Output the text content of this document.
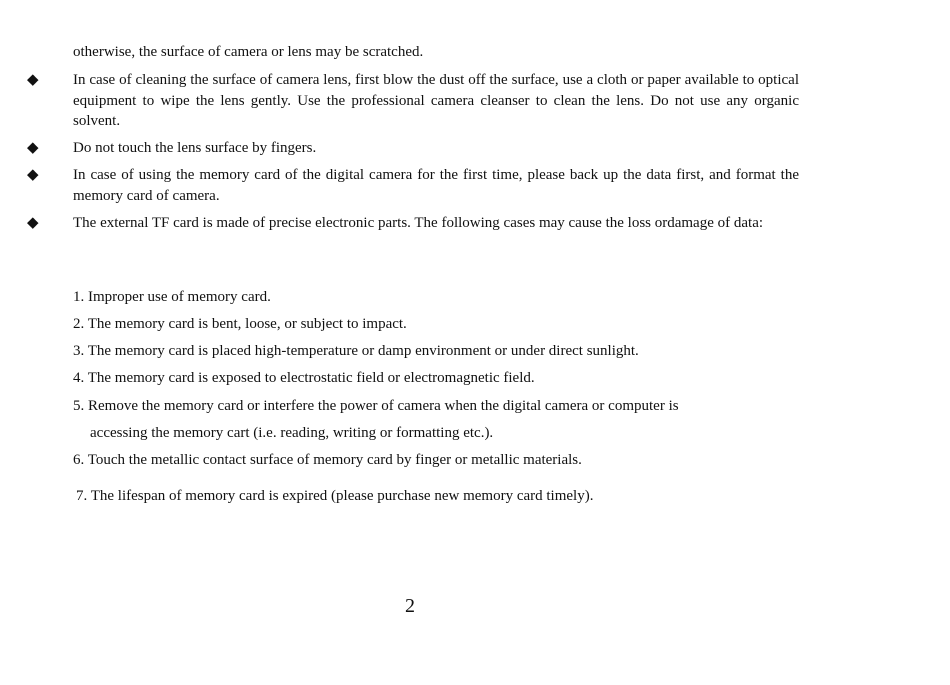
otherwise, the surface of camera or lens may be scratched.
◆ In case of cleaning the surface of camera lens, first blow the dust off the surface, use a cloth or paper available to optical equipment to wipe the lens gently. Use the professional camera cleanser to clean the lens. Do not use any organic solvent.
◆ Do not touch the lens surface by fingers.
◆ In case of using the memory card of the digital camera for the first time, please back up the data first, and format the memory card of camera.
◆ The external TF card is made of precise electronic parts. The following cases may cause the loss ordamage of data:
1. Improper use of memory card.
2. The memory card is bent, loose, or subject to impact.
3. The memory card is placed high-temperature or damp environment or under direct sunlight.
4. The memory card is exposed to electrostatic field or electromagnetic field.
5. Remove the memory card or interfere the power of camera when the digital camera or computer is
accessing the memory cart (i.e. reading, writing or formatting etc.).
6. Touch the metallic contact surface of memory card by finger or metallic materials.
7. The lifespan of memory card is expired (please purchase new memory card timely).
2
